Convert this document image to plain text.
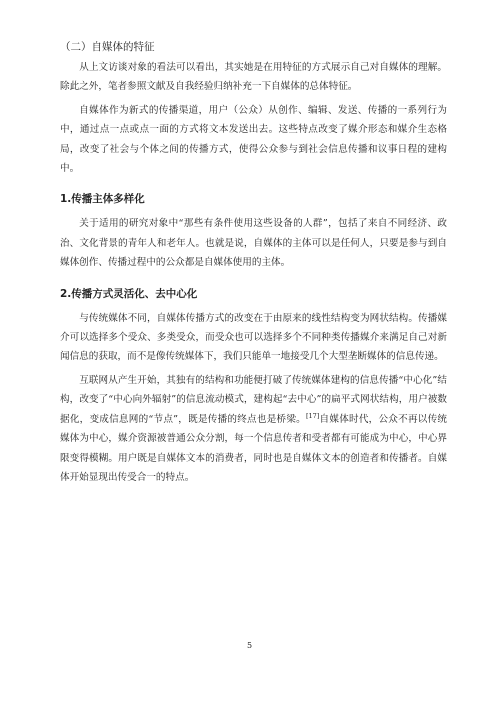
（二）自媒体的特征

从上文访谈对象的看法可以看出，其实她是在用特征的方式展示自己对自媒体的理解。除此之外，笔者参照文献及自我经验归纳补充一下自媒体的总体特征。

自媒体作为新式的传播渠道，用户（公众）从创作、编辑、发送、传播的一系列行为中，通过点一点或点一面的方式将文本发送出去。这些特点改变了媒介形态和媒介生态格局，改变了社会与个体之间的传播方式，使得公众参与到社会信息传播和议事日程的建构中。

1.传播主体多样化

关于适用的研究对象中“那些有条件使用这些设备的人群”，包括了来自不同经济、政治、文化背景的青年人和老年人。也就是说，自媒体的主体可以是任何人，只要是参与到自媒体创作、传播过程中的公众都是自媒体使用的主体。

2.传播方式灵活化、去中心化

与传统媒体不同，自媒体传播方式的改变在于由原来的线性结构变为网状结构。传播媒介可以选择多个受众、多类受众，而受众也可以选择多个不同种类传播媒介来满足自己对新闻信息的获取，而不是像传统媒体下，我们只能单一地接受几个大型垄断媒体的信息传递。

互联网从产生开始，其独有的结构和功能便打破了传统媒体建构的信息传播“中心化”结构，改变了“中心向外辐射”的信息流动模式，建构起“去中心”的扁平式网状结构，用户被数据化，变成信息网的“节点”，既是传播的终点也是桥梁。[17]自媒体时代，公众不再以传统媒体为中心，媒介资源被普通公众分割，每一个信息传者和受者都有可能成为中心，中心界限变得模糊。用户既是自媒体文本的消费者，同时也是自媒体文本的创造者和传播者。自媒体开始显现出传受合一的特点。

5
